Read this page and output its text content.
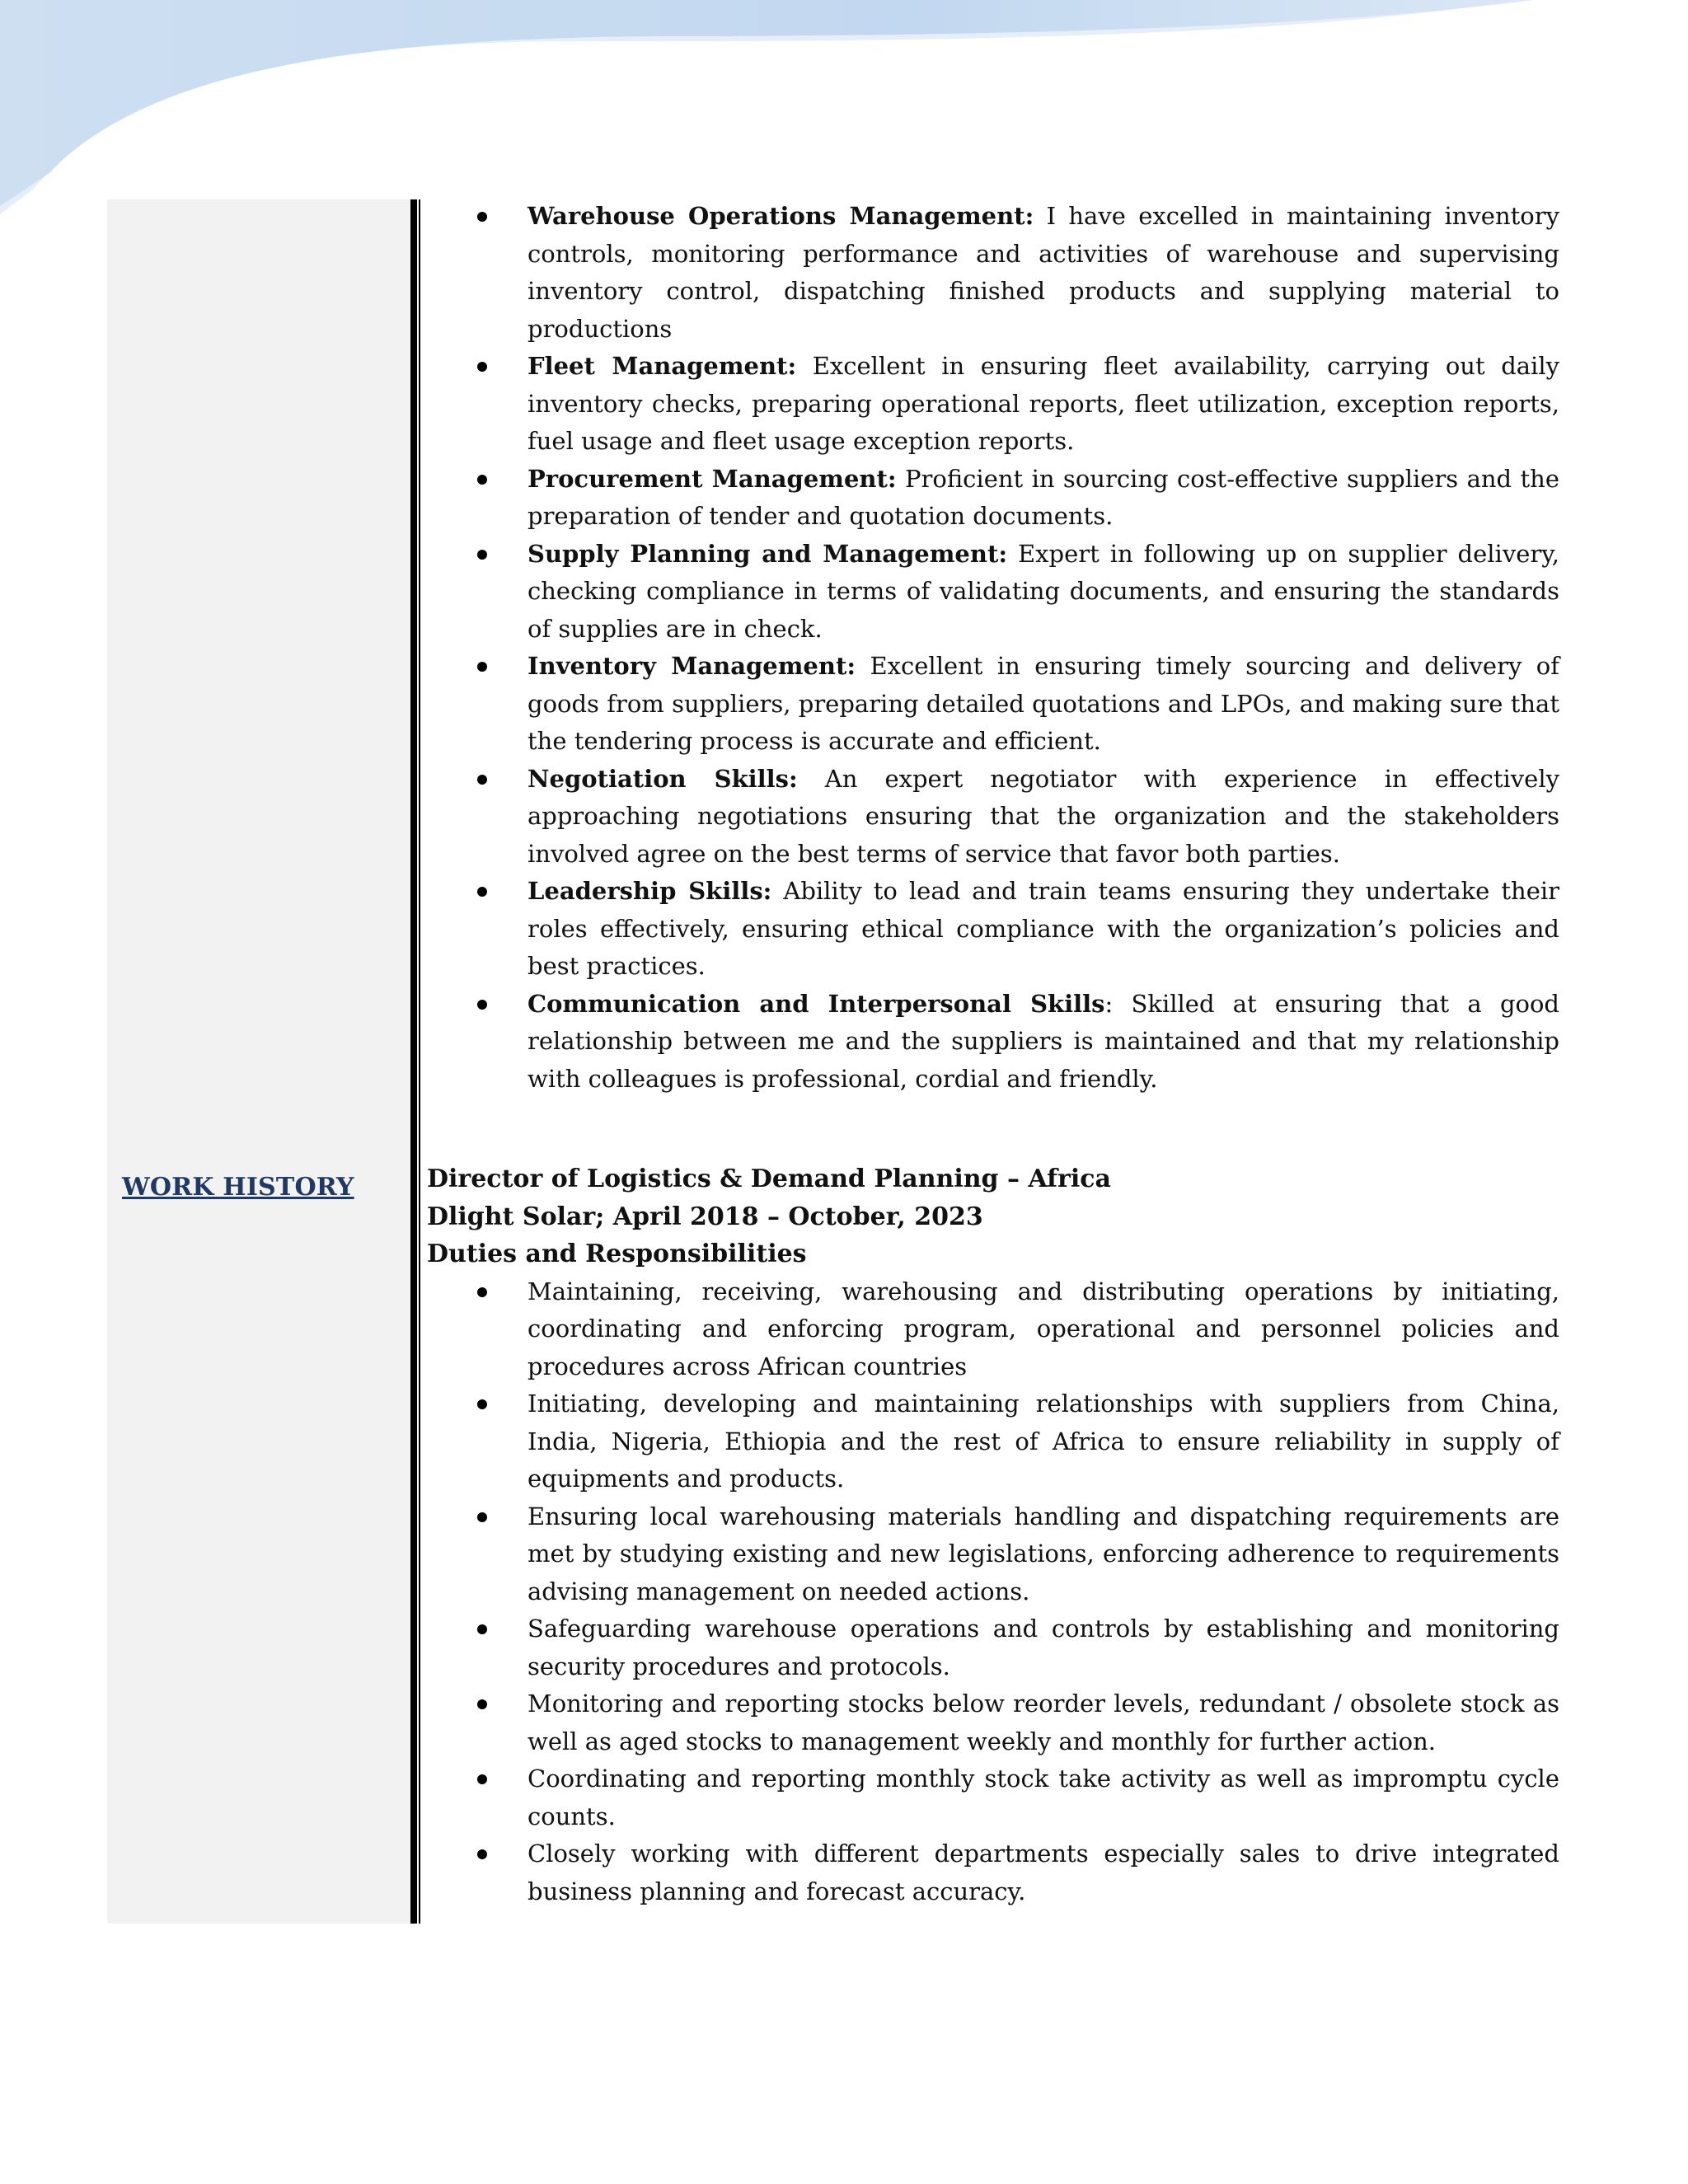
Warehouse Operations Management: I have excelled in maintaining inventory controls, monitoring performance and activities of warehouse and supervising inventory control, dispatching finished products and supplying material to productions
Fleet Management: Excellent in ensuring fleet availability, carrying out daily inventory checks, preparing operational reports, fleet utilization, exception reports, fuel usage and fleet usage exception reports.
Procurement Management: Proficient in sourcing cost-effective suppliers and the preparation of tender and quotation documents.
Supply Planning and Management: Expert in following up on supplier delivery, checking compliance in terms of validating documents, and ensuring the standards of supplies are in check.
Inventory Management: Excellent in ensuring timely sourcing and delivery of goods from suppliers, preparing detailed quotations and LPOs, and making sure that the tendering process is accurate and efficient.
Negotiation Skills: An expert negotiator with experience in effectively approaching negotiations ensuring that the organization and the stakeholders involved agree on the best terms of service that favor both parties.
Leadership Skills: Ability to lead and train teams ensuring they undertake their roles effectively, ensuring ethical compliance with the organization’s policies and best practices.
Communication and Interpersonal Skills: Skilled at ensuring that a good relationship between me and the suppliers is maintained and that my relationship with colleagues is professional, cordial and friendly.
WORK HISTORY	Director of Logistics & Demand Planning – Africa

Dlight Solar; April 2018 – October, 2023

Duties and Responsibilities

Maintaining, receiving, warehousing and distributing operations by initiating, coordinating and enforcing program, operational and personnel policies and procedures across African countries
Initiating, developing and maintaining relationships with suppliers from China, India, Nigeria, Ethiopia and the rest of Africa to ensure reliability in supply of equipments and products.
Ensuring local warehousing materials handling and dispatching requirements are met by studying existing and new legislations, enforcing adherence to requirements advising management on needed actions.
Safeguarding warehouse operations and controls by establishing and monitoring security procedures and protocols.
Monitoring and reporting stocks below reorder levels, redundant / obsolete stock as well as aged stocks to management weekly and monthly for further action.
Coordinating and reporting monthly stock take activity as well as impromptu cycle counts.
Closely working with different departments especially sales to drive integrated business planning and forecast accuracy.
